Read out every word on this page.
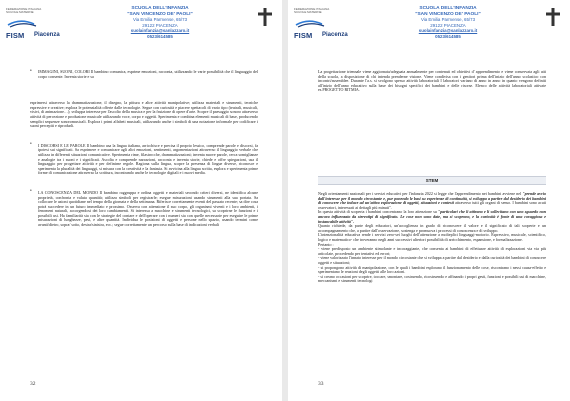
FEDERAZIONE ITALIANA
SCUOLE MATERNE
FISM Piacenza
SCUOLA DELL'INFANZIA
"SAN VINCENZO DE' PAOLI"
Via Emilia Parmense, 65/73
29122 PIACENZA
suolainfanzia@sanlazzaro.it
0523/614585

• IMMAGINI, SUONI, COLORI Il bambino comunica, esprime emozioni, racconta, utilizzando le varie possibilità che il linguaggio del corpo consente. Inventa storie e sa

esprimersi attraverso la drammatizzazione, il disegno, la pittura e altre attività manipolative; utilizza materiali e strumenti, tecniche espressive e creative; esplora le potenzialità offerte dalle tecnologie. Segue con curiosità e piacere spettacoli di vario tipo (teatrali, musicali, visivi, di animazione…); sviluppa interesse per l'ascolto della musica e per la fruizione di opere d'arte. Scopre il paesaggio sonoro attraverso attività di percezione e produzione musicale utilizzando voce, corpo e oggetti. Sperimenta e combina elementi musicali di base, producendo semplici sequenze sonoromusicali. Esplora i primi alfabeti musicali, utilizzando anche i simboli di una notazione informale per codificare i suoni percepiti e riprodurli.

• I DISCORSI E LE PAROLE Il bambino usa la lingua italiana, arricchisce e precisa il proprio lessico, comprende parole e discorsi, fa ipotesi sui significati. Sa esprimere e comunicare agli altri emozioni, sentimenti, argomentazioni attraverso il linguaggio verbale che utilizza in differenti situazioni comunicative. Sperimenta rime, filastrocche, drammatizzazioni; inventa nuove parole, cerca somiglianze e analogie tra i suoni e i significati. Ascolta e comprende narrazioni, racconta e inventa storie, chiede e offre spiegazioni, usa il linguaggio per progettare attività e per definirne regole. Ragiona sulla lingua, scopre la presenza di lingue diverse, riconosce e sperimenta la pluralità dei linguaggi, si misura con la creatività e la fantasia. Si avvicina alla lingua scritta, esplora e sperimenta prime forme di comunicazione attraverso la scrittura, incontrando anche le tecnologie digitali e i nuovi media.

• LA CONOSCENZA DEL MONDO Il bambino raggruppa e ordina oggetti e materiali secondo criteri diversi, ne identifica alcune proprietà, confronta e valuta quantità; utilizza simboli per registrarle; esegue misurazioni usando strumenti alla sua portata. Sa collocare le azioni quotidiane nel tempo della giornata e della settimana. Riferisce correttamente eventi del passato recente; sa dire cosa potrà succedere in un futuro immediato e prossimo. Osserva con attenzione il suo corpo, gli organismi viventi e i loro ambienti, i fenomeni naturali, accorgendosi dei loro cambiamenti. Si interessa a macchine e strumenti tecnologici, sa scoprirne le funzioni e i possibili usi. Ha familiarità sia con le strategie del contare e dell'operare con i numeri sia con quelle necessarie per eseguire le prime misurazioni di lunghezze, pesi, e altre quantità. Individua le posizioni di oggetti e persone nello spazio, usando termini come avanti/dietro, sopra/ sotto, destra/sinistra, ecc.; segue correttamente un percorso sulla base di indicazioni verbali

32
FEDERAZIONE ITALIANA
SCUOLE MATERNE
FISM Piacenza
SCUOLA DELL'INFANZIA
"SAN VINCENZO DE' PAOLI"
Via Emilia Parmense, 65/73
29122 PIACENZA
suolainfanzia@sanlazzaro.it
0523/614585

La progettazione triennale viene aggiornata/adeguata annualmente per contenuti ed obiettivi d' apprendimento e viene conservata agli atti della scuola, a disposizione di chi intenda prenderne visione. Viene condivisa con i genitori prima dell'inizio dell'anno scolastico con incontri/assemblee. Durante l'a.s. si svolgono spesso attività laboratoriali I laboratori variano di anno in anno in quanto vengono definiti all'inizio dell'anno educativo sulla base dei bisogni specifici dei bambini e delle risorse. Elenco delle attività laboratoriali attivate es.PROGETTO RITMIA.

STEM

Negli orientamenti nazionali per i servizi educativi per l'infanzia 2022 si legge che l'apprendimento nei bambini avviene nel "prende avvio dall'interesse per il mondo circostante e, pur ponendo le basi su esperienze di continuità, si sviluppa a partire dal desiderio dei bambini di conoscere che induce ad un'attiva esplorazione di oggetti, situazioni e contesti attraverso tutti gli organi di senso. I bambini sono acuti osservatori, interessati ai dettagli più minuti".

In questa attività di scoperta i bambini concentrano la loro attenzione su "particolari che li attirano e li sollecitano con uno sguardo non ancora influenzato da stereotipi di significato. Le cose non sono date, ma si scoprono, e la curiosità è fonte di una coraggiosa e instancabile attività".

Quanto richiede, da parte degli educatori, un'accoglienza in grado di riconoscere il valore e il significato di tali scoperte e un accompagnamento che, a partire dall'osservazione, sostenga e promuova i processi di conoscenza e di sviluppo.

L'intenzionalità educativa rende i servizi zero-sei luoghi dell'attenzione a molteplici linguaggi-motorio. Espressivo, musicale, scientifico, logico e matematico- che troveranno negli anni successivi ulteriori possibilità di arricchimento, espansione, e formalizzazione.

Pertanto :

- viene predisposto un ambiente stimolante e incoraggiante, che consenta ai bambini di effettuare attività di esplorazioni via via più articolate, procedendo per tentativi ed errori;

- viene valorizzato l'innato interesse per il mondo circostante che si sviluppa a partire dal desiderio e dalla curiosità dei bambini di conoscere oggetti e situazioni;

- si propongono attività di manipolazione, con le quali i bambini esplorano il funzionamento delle cose, riscontrano i nessi causa-effetto e sperimentano le reazioni degli oggetti alle loro azioni.

- si creano occasioni per scoprire, toccare, smontare, costruendo, ricostruendo e affinando i propri gesti, funzioni e possibili usi di macchine, meccanismi e strumenti tecnologi

33
